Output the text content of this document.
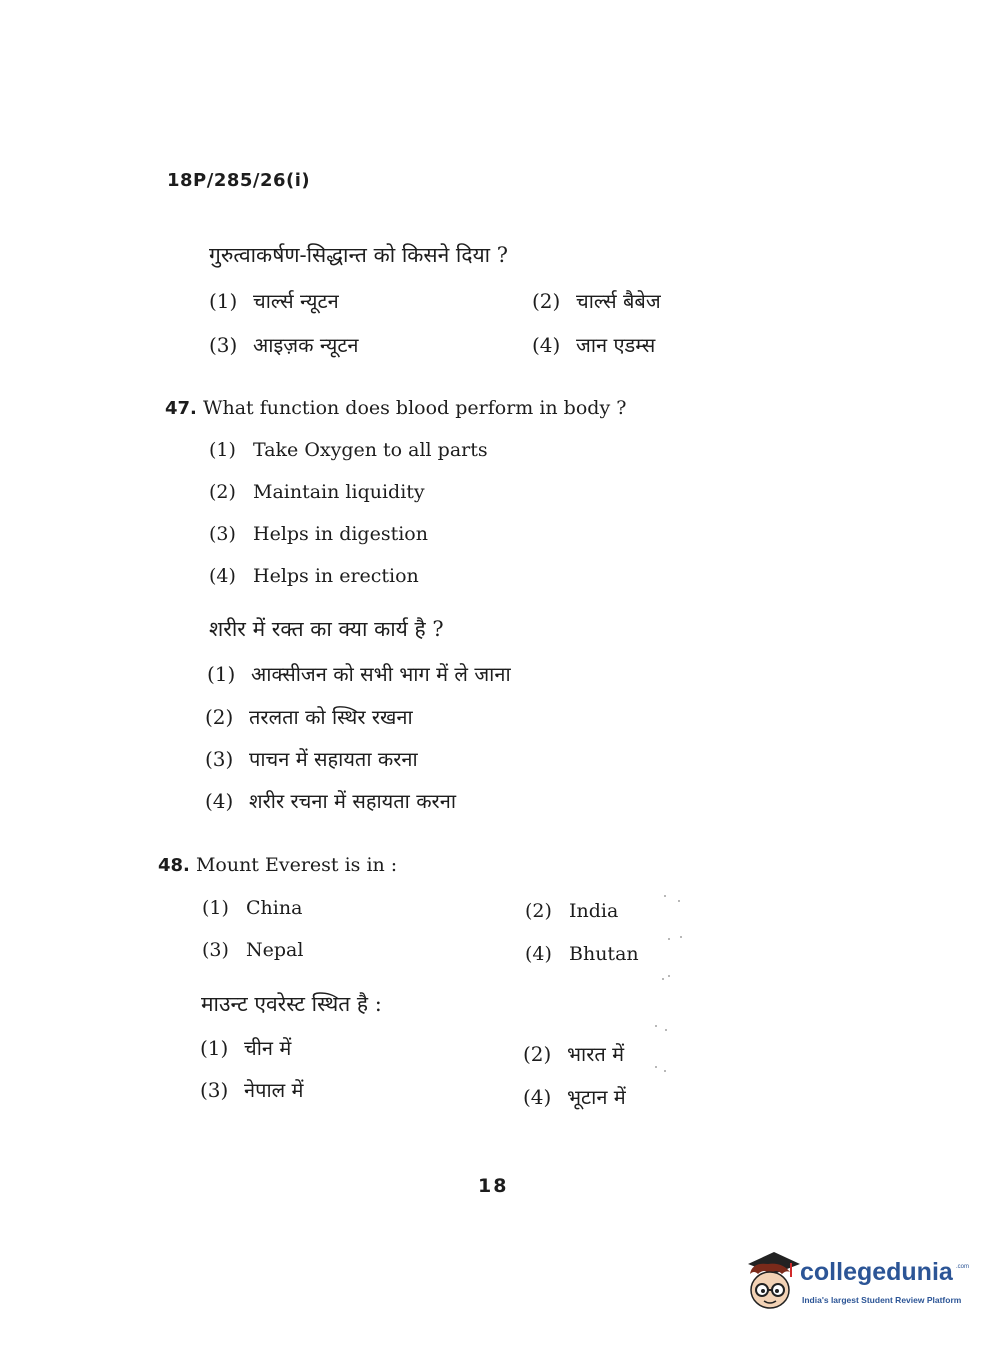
18P/285/26(i)
गुरुत्वाकर्षण-सिद्धान्त को किसने दिया ?
(1) चार्ल्स न्यूटन	(2) चार्ल्स बैबेज
(3) आइज़क न्यूटन	(4) जान एडम्स
47. What function does blood perform in body ?
(1) Take Oxygen to all parts
(2) Maintain liquidity
(3) Helps in digestion
(4) Helps in erection
शरीर में रक्त का क्या कार्य है ?
(1) आक्सीजन को सभी भाग में ले जाना
(2) तरलता को स्थिर रखना
(3) पाचन में सहायता करना
(4) शरीर रचना में सहायता करना
48. Mount Everest is in :
(1) China	(2) India
(3) Nepal	(4) Bhutan
माउन्ट एवरेस्ट स्थित है :
(1) चीन में	(2) भारत में
(3) नेपाल में	(4) भूटान में
18
collegedunia .com
India's largest Student Review Platform
